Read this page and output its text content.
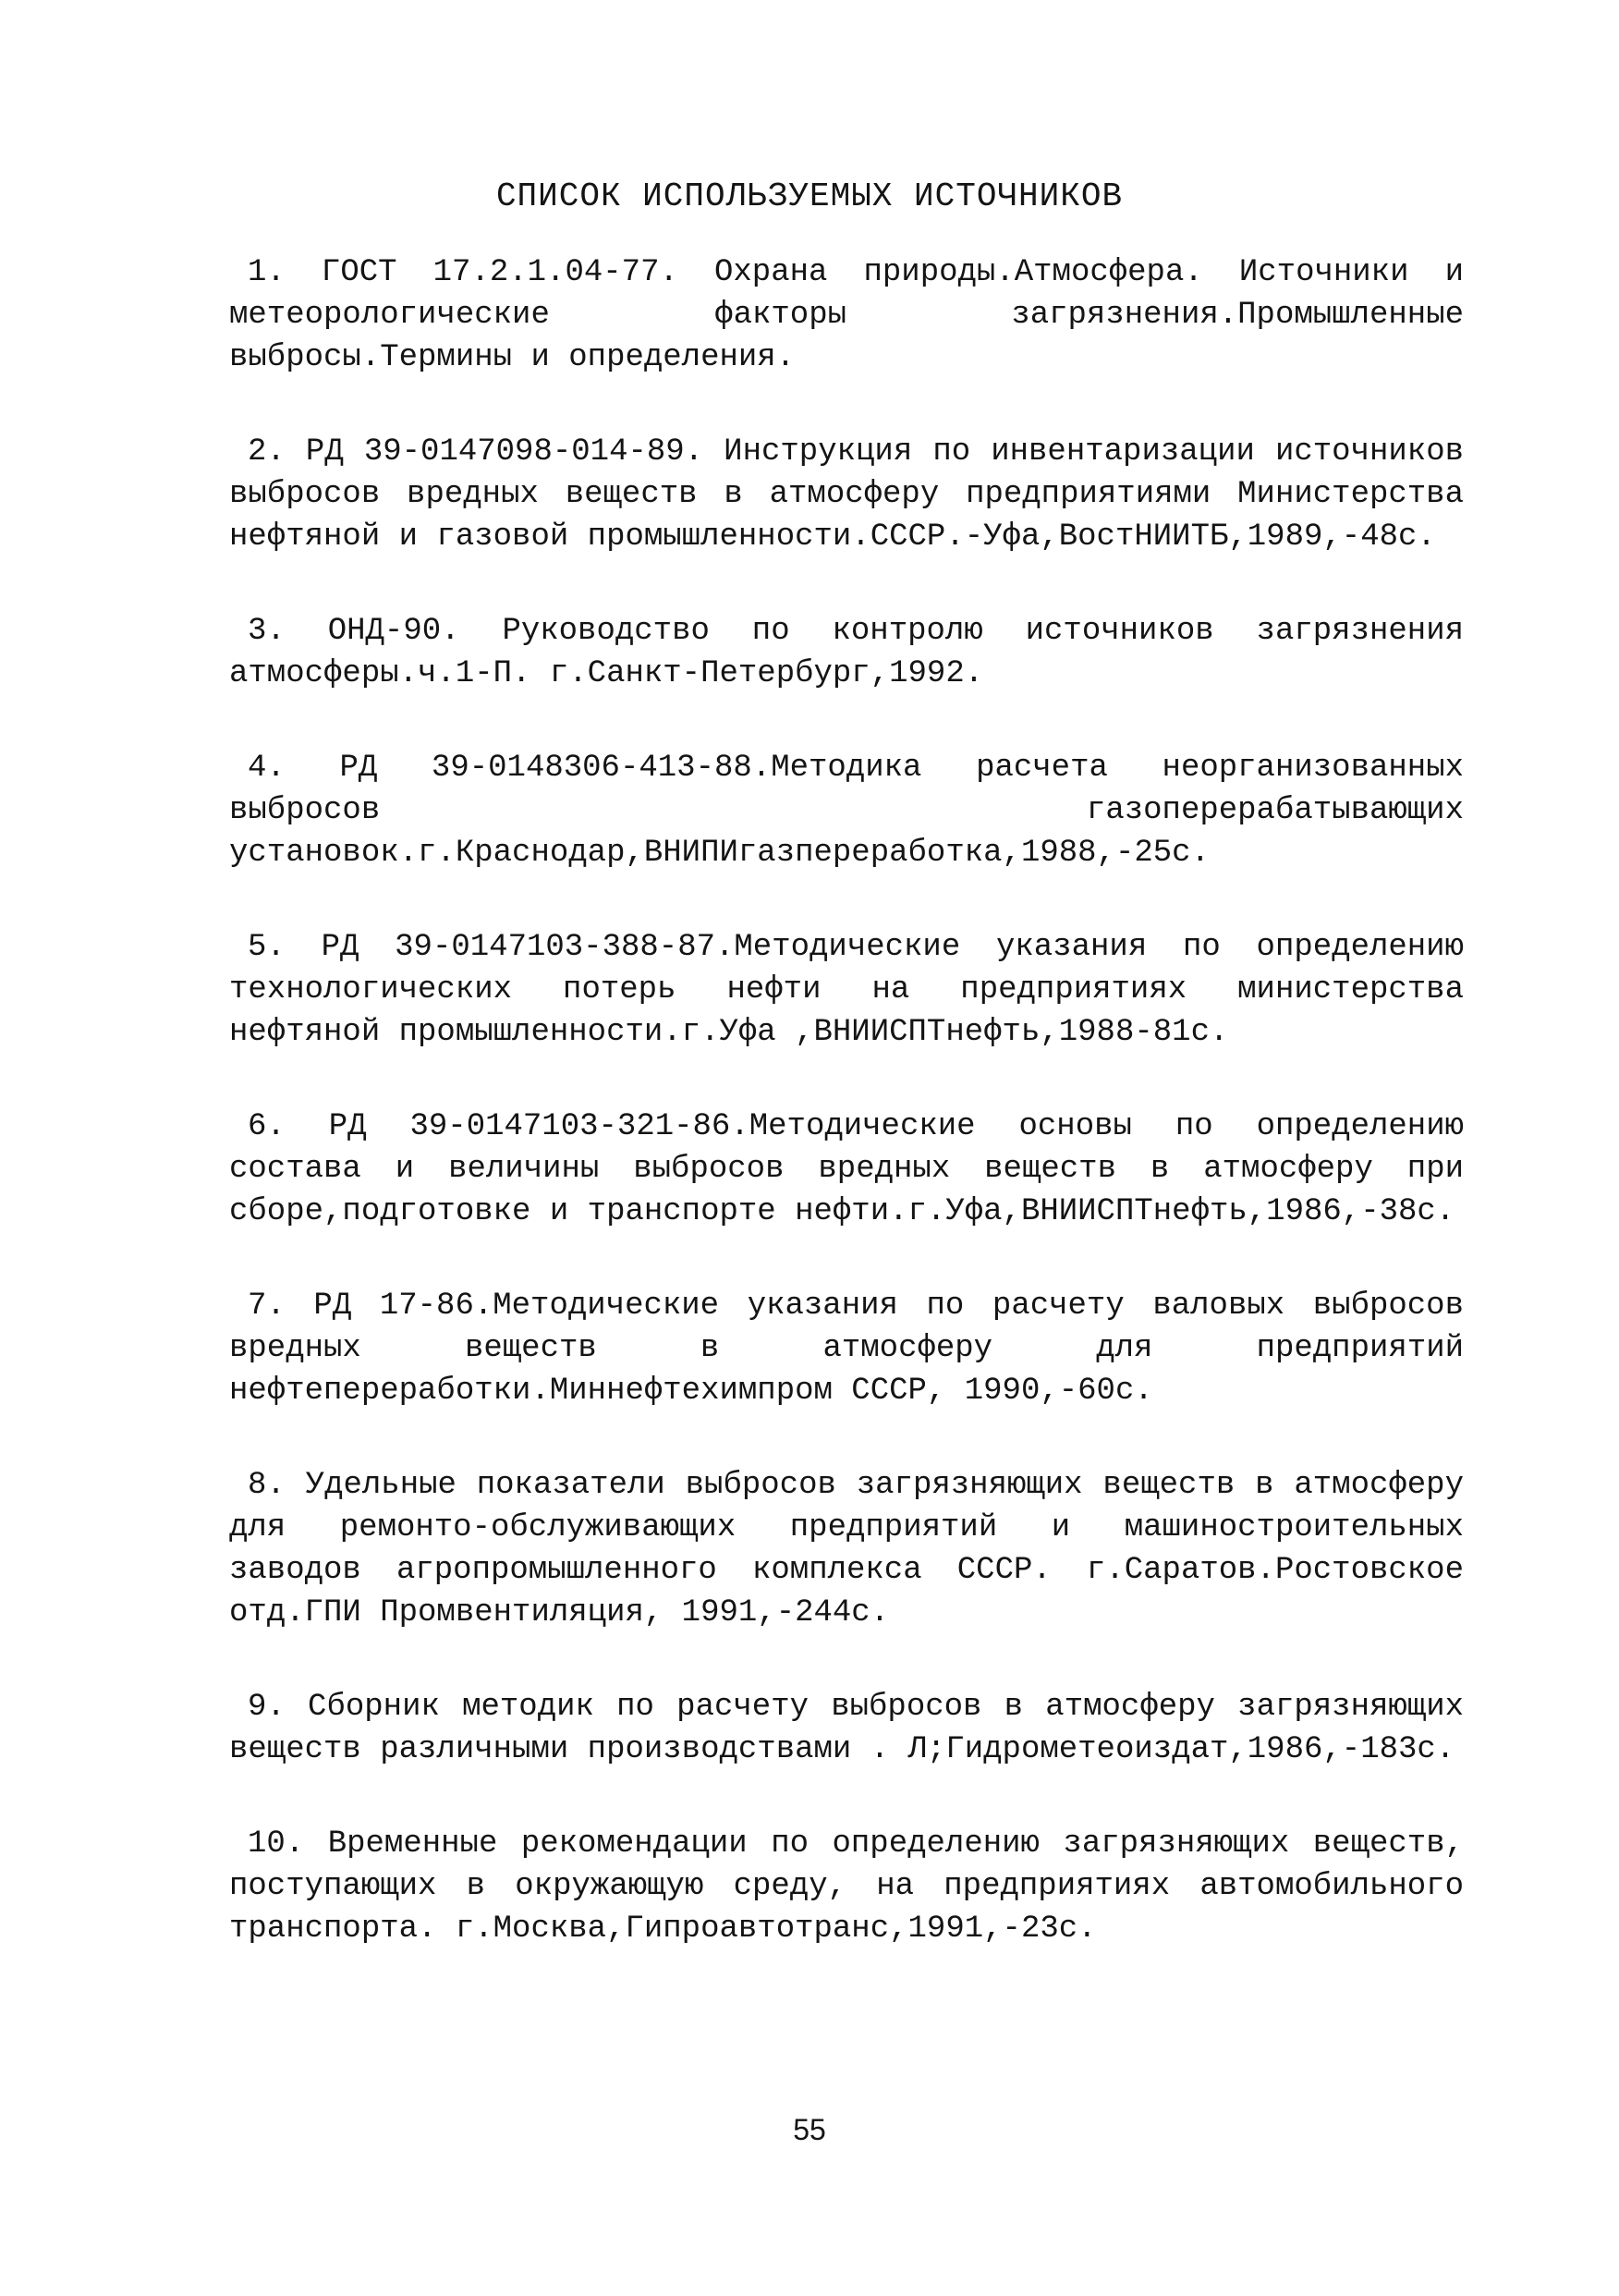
СПИСОК ИСПОЛЬЗУЕМЫХ ИСТОЧНИКОВ

1. ГОСТ 17.2.1.04-77. Охрана природы.Атмосфера. Источники и метеорологические факторы загрязнения.Промышленные выбросы.Термины и определения.

2. РД 39-0147098-014-89. Инструкция по инвентаризации источников выбросов вредных веществ в атмосферу предприятиями Министерства нефтяной и газовой промышленности.СССР.-Уфа,ВостНИИТБ,1989,-48с.

3. ОНД-90. Руководство по контролю источников загрязнения атмосферы.ч.1-П. г.Санкт-Петербург,1992.

4. РД 39-0148306-413-88.Методика расчета неорганизованных выбросов газоперерабатывающих установок.г.Краснодар,ВНИПИгазпереработка,1988,-25с.

5. РД 39-0147103-388-87.Методические указания по определению технологических потерь нефти на предприятиях министерства нефтяной промышленности.г.Уфа ,ВНИИСПТнефть,1988-81с.

6. РД 39-0147103-321-86.Методические основы по определению состава и величины выбросов вредных веществ в атмосферу при сборе,подготовке и транспорте нефти.г.Уфа,ВНИИСПТнефть,1986,-38с.

7. РД 17-86.Методические указания по расчету валовых выбросов вредных веществ в атмосферу для предприятий нефтепереработки.Миннефтехимпром СССР, 1990,-60с.

8. Удельные показатели выбросов загрязняющих веществ в атмосферу для ремонто-обслуживающих предприятий и машиностроительных заводов агропромышленного комплекса СССР. г.Саратов.Ростовское отд.ГПИ Промвентиляция, 1991,-244с.

9. Сборник методик по расчету выбросов в атмосферу загрязняющих веществ различными производствами . Л;Гидрометеоиздат,1986,-183с.

10. Временные рекомендации по определению загрязняющих веществ, поступающих в окружающую среду, на предприятиях автомобильного транспорта. г.Москва,Гипроавтотранс,1991,-23с.

55
